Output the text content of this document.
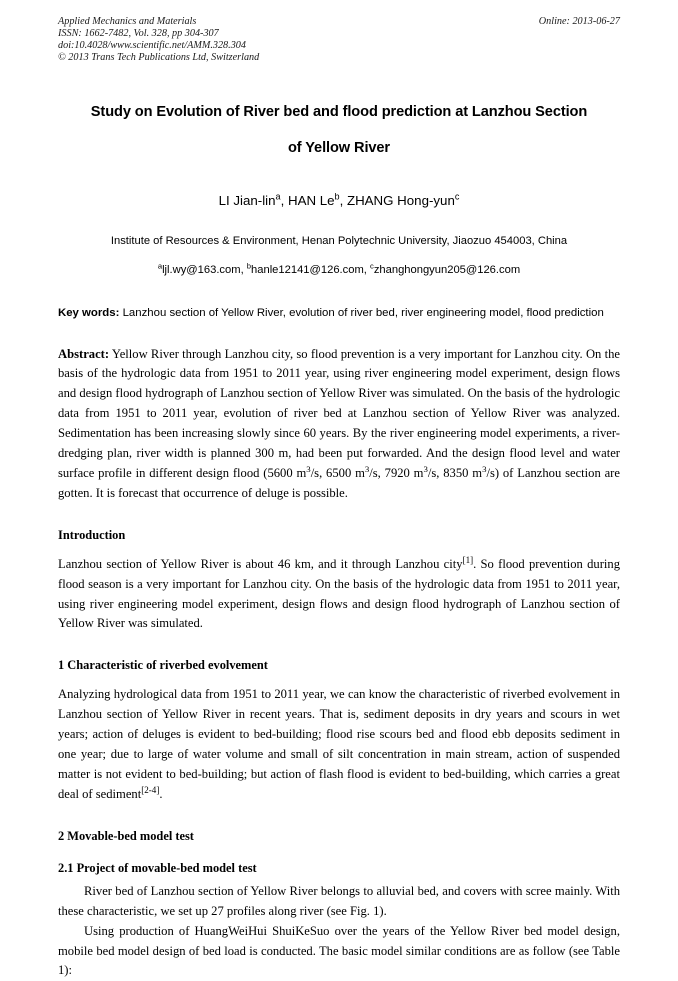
Applied Mechanics and Materials
ISSN: 1662-7482, Vol. 328, pp 304-307
doi:10.4028/www.scientific.net/AMM.328.304
© 2013 Trans Tech Publications Ltd, Switzerland
Online: 2013-06-27
Study on Evolution of River bed and flood prediction at Lanzhou Section
of Yellow River
LI Jian-lin$^a$, HAN Le$^b$, ZHANG Hong-yun$^c$
Institute of Resources & Environment, Henan Polytechnic University, Jiaozuo 454003, China
$^a$ljl.wy@163.com, $^b$hanle12141@126.com, $^c$zhanghongyun205@126.com
Key words: Lanzhou section of Yellow River, evolution of river bed, river engineering model, flood prediction
Abstract: Yellow River through Lanzhou city, so flood prevention is a very important for Lanzhou city. On the basis of the hydrologic data from 1951 to 2011 year, using river engineering model experiment, design flows and design flood hydrograph of Lanzhou section of Yellow River was simulated. On the basis of the hydrologic data from 1951 to 2011 year, evolution of river bed at Lanzhou section of Yellow River was analyzed. Sedimentation has been increasing slowly since 60 years. By the river engineering model experiments, a river-dredging plan, river width is planned 300 m, had been put forwarded. And the design flood level and water surface profile in different design flood (5600 $m^3/s$, 6500 $m^3/s$, 7920 $m^3/s$, 8350 $m^3/s$) of Lanzhou section are gotten. It is forecast that occurrence of deluge is possible.
Introduction

Lanzhou section of Yellow River is about 46 km, and it through Lanzhou city[1]. So flood prevention during flood season is a very important for Lanzhou city. On the basis of the hydrologic data from 1951 to 2011 year, using river engineering model experiment, design flows and design flood hydrograph of Lanzhou section of Yellow River was simulated.

1 Characteristic of riverbed evolvement

Analyzing hydrological data from 1951 to 2011 year, we can know the characteristic of riverbed evolvement in Lanzhou section of Yellow River in recent years. That is, sediment deposits in dry years and scours in wet years; action of deluges is evident to bed-building; flood rise scours bed and flood ebb deposits sediment in one year; due to large of water volume and small of silt concentration in main stream, action of suspended matter is not evident to bed-building; but action of flash flood is evident to bed-building, which carries a great deal of sediment[2-4].

2 Movable-bed model test
2.1 Project of movable-bed model test

River bed of Lanzhou section of Yellow River belongs to alluvial bed, and covers with scree mainly. With these characteristic, we set up 27 profiles along river (see Fig. 1).

Using production of HuangWeiHui ShuiKeSuo over the years of the Yellow River bed model design, mobile bed model design of bed load is conducted. The basic model similar conditions are as follow (see Table 1):
